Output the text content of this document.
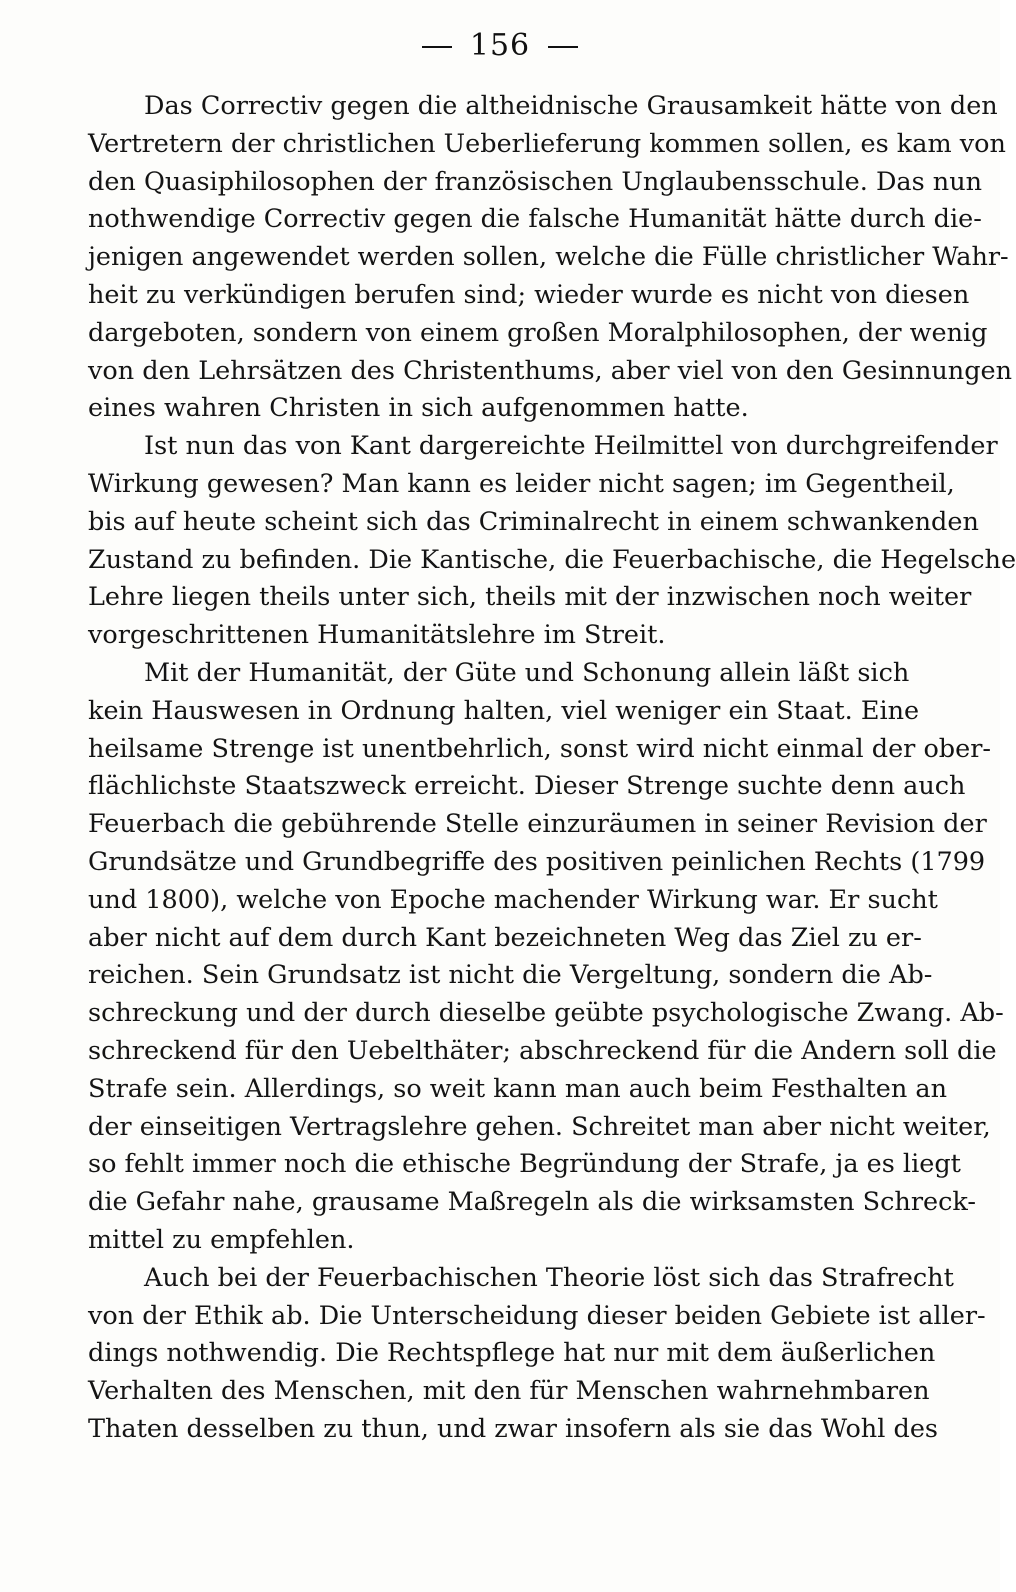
156
Das Correctiv gegen die altheidnische Grausamkeit hätte von den
Vertretern der christlichen Ueberlieferung kommen sollen, es kam von
den Quasiphilosophen der französischen Unglaubensschule. Das nun
nothwendige Correctiv gegen die falsche Humanität hätte durch die-
jenigen angewendet werden sollen, welche die Fülle christlicher Wahr-
heit zu verkündigen berufen sind; wieder wurde es nicht von diesen
dargeboten, sondern von einem großen Moralphilosophen, der wenig
von den Lehrsätzen des Christenthums, aber viel von den Gesinnungen
eines wahren Christen in sich aufgenommen hatte.
Ist nun das von Kant dargereichte Heilmittel von durchgreifender
Wirkung gewesen? Man kann es leider nicht sagen; im Gegentheil,
bis auf heute scheint sich das Criminalrecht in einem schwankenden
Zustand zu befinden. Die Kantische, die Feuerbachische, die Hegelsche
Lehre liegen theils unter sich, theils mit der inzwischen noch weiter
vorgeschrittenen Humanitätslehre im Streit.
Mit der Humanität, der Güte und Schonung allein läßt sich
kein Hauswesen in Ordnung halten, viel weniger ein Staat. Eine
heilsame Strenge ist unentbehrlich, sonst wird nicht einmal der ober-
flächlichste Staatszweck erreicht. Dieser Strenge suchte denn auch
Feuerbach die gebührende Stelle einzuräumen in seiner Revision der
Grundsätze und Grundbegriffe des positiven peinlichen Rechts (1799
und 1800), welche von Epoche machender Wirkung war. Er sucht
aber nicht auf dem durch Kant bezeichneten Weg das Ziel zu er-
reichen. Sein Grundsatz ist nicht die Vergeltung, sondern die Ab-
schreckung und der durch dieselbe geübte psychologische Zwang. Ab-
schreckend für den Uebelthäter; abschreckend für die Andern soll die
Strafe sein. Allerdings, so weit kann man auch beim Festhalten an
der einseitigen Vertragslehre gehen. Schreitet man aber nicht weiter,
so fehlt immer noch die ethische Begründung der Strafe, ja es liegt
die Gefahr nahe, grausame Maßregeln als die wirksamsten Schreck-
mittel zu empfehlen.
Auch bei der Feuerbachischen Theorie löst sich das Strafrecht
von der Ethik ab. Die Unterscheidung dieser beiden Gebiete ist aller-
dings nothwendig. Die Rechtspflege hat nur mit dem äußerlichen
Verhalten des Menschen, mit den für Menschen wahrnehmbaren
Thaten desselben zu thun, und zwar insofern als sie das Wohl des
